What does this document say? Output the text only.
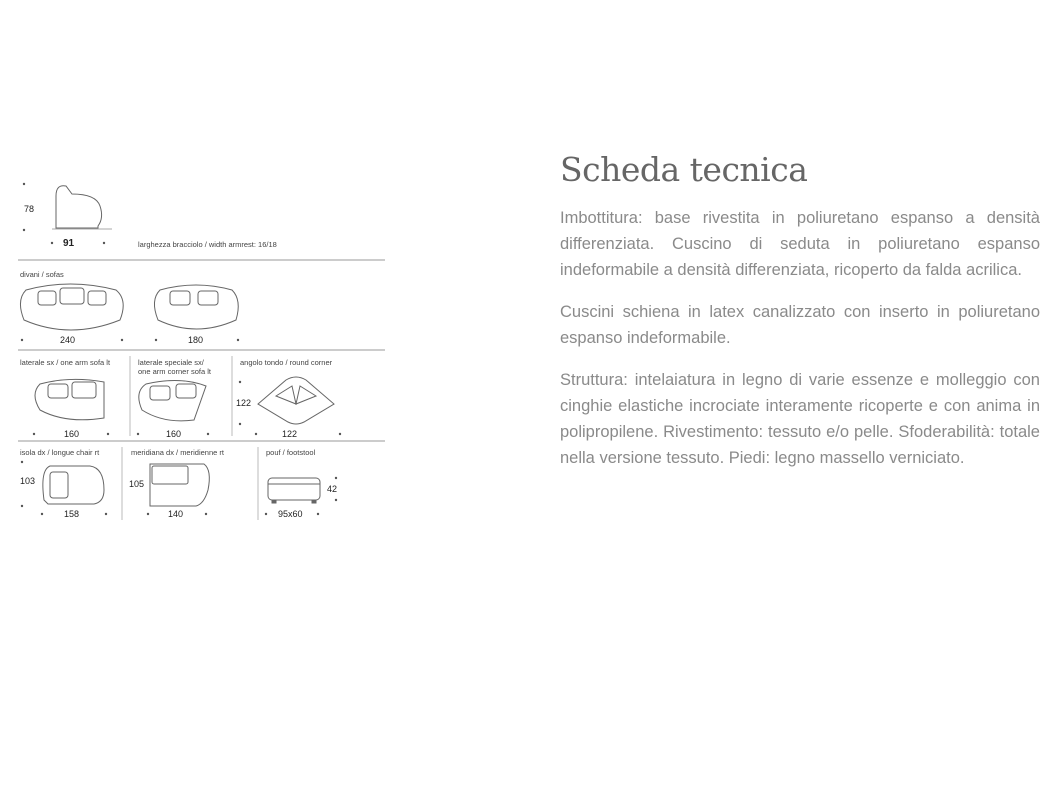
78
91	larghezza bracciolo / width armrest: 16/18
divani / sofas
240	180
laterale sx / one arm sofa lt	laterale speciale sx/
one arm corner sofa lt
angolo tondo / round corner
160	160
122
122
isola dx / longue chair rt	meridiana dx / meridienne rt	pouf / footstool
103
158
105
140
42
95x60
Scheda tecnica

Imbottitura: base rivestita in poliuretano espanso a densità differenziata. Cuscino di seduta in poliuretano espanso indeformabile a densità differenziata, ricoperto da falda acrilica.

Cuscini schiena in latex canalizzato con inserto in poliuretano espanso indeformabile.

Struttura: intelaiatura in legno di varie essenze e molleggio con cinghie elastiche incrociate interamente ricoperte e con anima in polipropilene. Rivestimento: tessuto e/o pelle. Sfoderabilità: totale nella versione tessuto. Piedi: legno massello verniciato.
